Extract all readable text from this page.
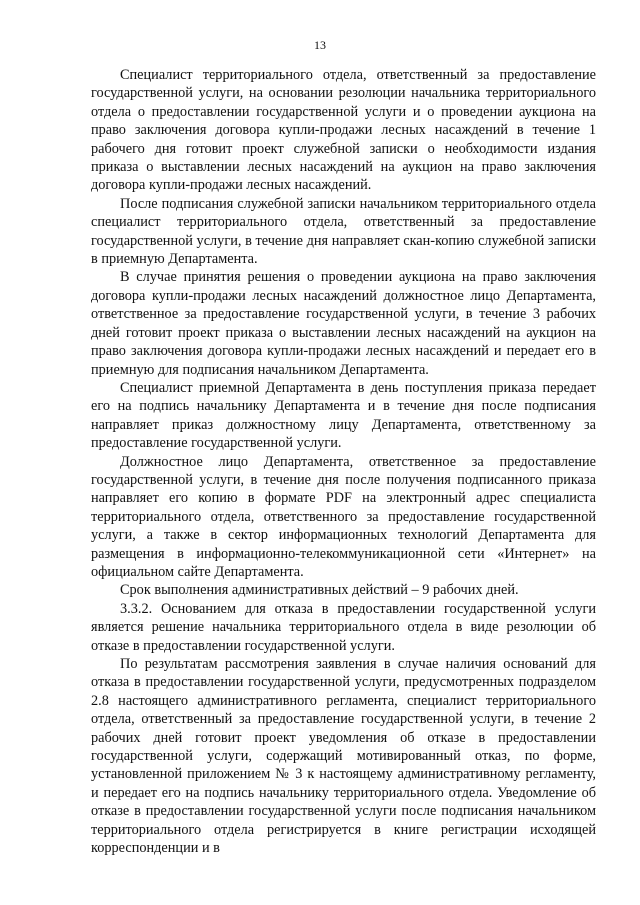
13

Специалист территориального отдела, ответственный за предоставление государственной услуги, на основании резолюции начальника территориального отдела о предоставлении государственной услуги и о проведении аукциона на право заключения договора купли-продажи лесных насаждений в течение 1 рабочего дня готовит проект служебной записки о необходимости издания приказа о выставлении лесных насаждений на аукцион на право заключения договора купли-продажи лесных насаждений.

После подписания служебной записки начальником территориального отдела специалист территориального отдела, ответственный за предоставление государственной услуги, в течение дня направляет скан-копию служебной записки в приемную Департамента.

В случае принятия решения о проведении аукциона на право заключения договора купли-продажи лесных насаждений должностное лицо Департамента, ответственное за предоставление государственной услуги, в течение 3 рабочих дней готовит проект приказа о выставлении лесных насаждений на аукцион на право заключения договора купли-продажи лесных насаждений и передает его в приемную для подписания начальником Департамента.

Специалист приемной Департамента в день поступления приказа передает его на подпись начальнику Департамента и в течение дня после подписания направляет приказ должностному лицу Департамента, ответственному за предоставление государственной услуги.

Должностное лицо Департамента, ответственное за предоставление государственной услуги, в течение дня после получения подписанного приказа направляет его копию в формате PDF на электронный адрес специалиста территориального отдела, ответственного за предоставление государственной услуги, а также в сектор информационных технологий Департамента для размещения в информационно-телекоммуникационной сети «Интернет» на официальном сайте Департамента.

Срок выполнения административных действий – 9 рабочих дней.

3.3.2. Основанием для отказа в предоставлении государственной услуги является решение начальника территориального отдела в виде резолюции об отказе в предоставлении государственной услуги.

По результатам рассмотрения заявления в случае наличия оснований для отказа в предоставлении государственной услуги, предусмотренных подразделом 2.8 настоящего административного регламента, специалист территориального отдела, ответственный за предоставление государственной услуги, в течение 2 рабочих дней готовит проект уведомления об отказе в предоставлении государственной услуги, содержащий мотивированный отказ, по форме, установленной приложением № 3 к настоящему административному регламенту, и передает его на подпись начальнику территориального отдела. Уведомление об отказе в предоставлении государственной услуги после подписания начальником территориального отдела регистрируется в книге регистрации исходящей корреспонденции и в
